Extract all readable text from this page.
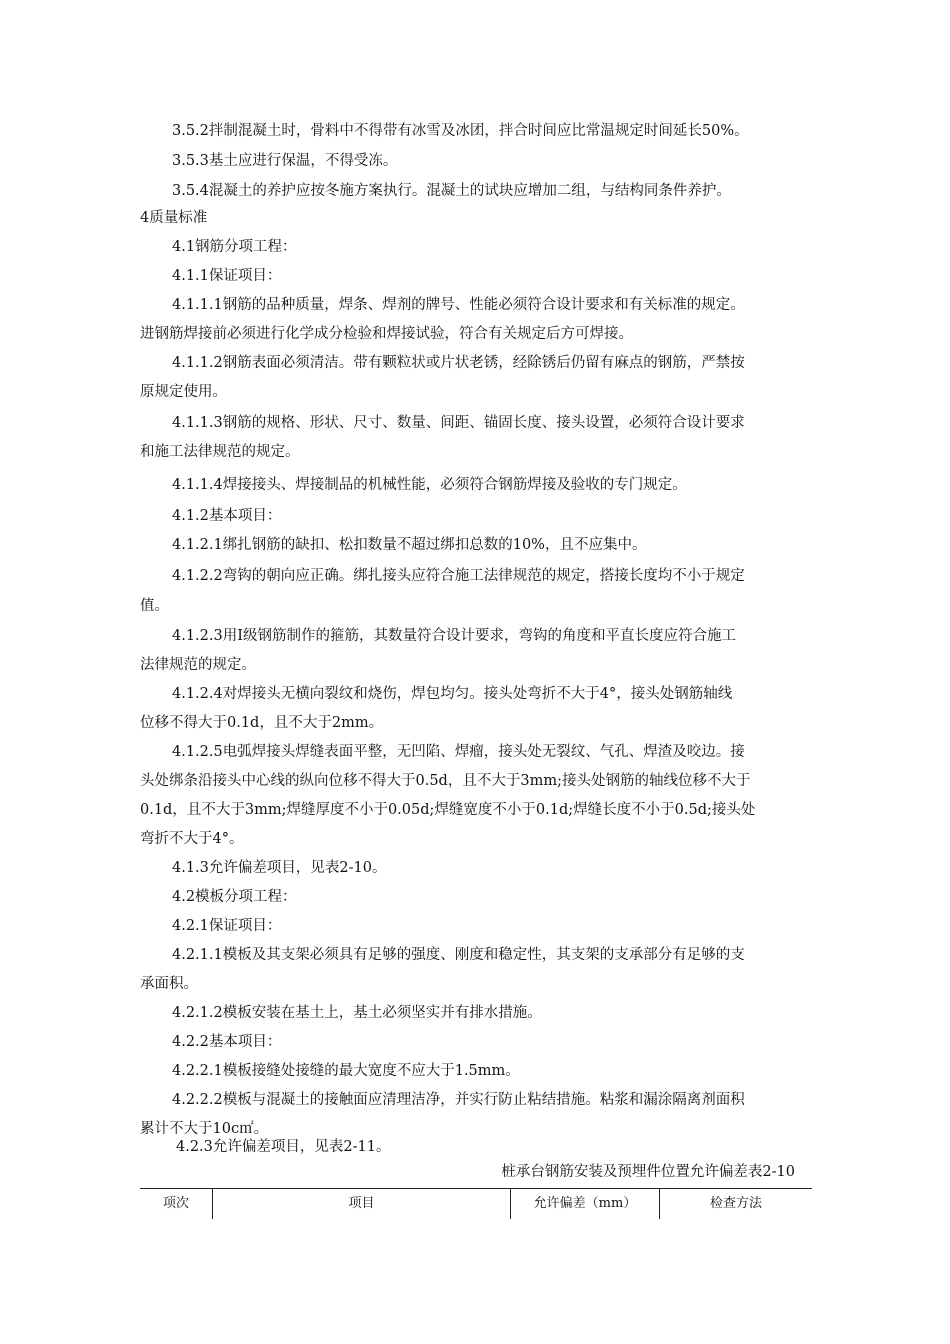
3.5.2拌制混凝土时，骨料中不得带有冰雪及冰团，拌合时间应比常温规定时间延长50%。
3.5.3基土应进行保温，不得受冻。
3.5.4混凝土的养护应按冬施方案执行。混凝土的试块应增加二组，与结构同条件养护。
4质量标准
4.1钢筋分项工程：
4.1.1保证项目：
4.1.1.1钢筋的品种质量，焊条、焊剂的牌号、性能必须符合设计要求和有关标准的规定。
进钢筋焊接前必须进行化学成分检验和焊接试验，符合有关规定后方可焊接。
4.1.1.2钢筋表面必须清洁。带有颗粒状或片状老锈，经除锈后仍留有麻点的钢筋，严禁按
原规定使用。
4.1.1.3钢筋的规格、形状、尺寸、数量、间距、锚固长度、接头设置，必须符合设计要求
和施工法律规范的规定。
4.1.1.4焊接接头、焊接制品的机械性能，必须符合钢筋焊接及验收的专门规定。
4.1.2基本项目：
4.1.2.1绑扎钢筋的缺扣、松扣数量不超过绑扣总数的10%，且不应集中。
4.1.2.2弯钩的朝向应正确。绑扎接头应符合施工法律规范的规定，搭接长度均不小于规定
值。
4.1.2.3用Ⅰ级钢筋制作的箍筋，其数量符合设计要求，弯钩的角度和平直长度应符合施工
法律规范的规定。
4.1.2.4对焊接头无横向裂纹和烧伤，焊包均匀。接头处弯折不大于4°，接头处钢筋轴线
位移不得大于0.1d，且不大于2mm。
4.1.2.5电弧焊接头焊缝表面平整，无凹陷、焊瘤，接头处无裂纹、气孔、焊渣及咬边。接
头处绑条沿接头中心线的纵向位移不得大于0.5d，且不大于3mm;接头处钢筋的轴线位移不大于
0.1d，且不大于3mm;焊缝厚度不小于0.05d;焊缝宽度不小于0.1d;焊缝长度不小于0.5d;接头处
弯折不大于4°。
4.1.3允许偏差项目，见表2-10。
4.2模板分项工程：
4.2.1保证项目：
4.2.1.1模板及其支架必须具有足够的强度、刚度和稳定性，其支架的支承部分有足够的支
承面积。
4.2.1.2模板安装在基土上，基土必须坚实并有排水措施。
4.2.2基本项目：
4.2.2.1模板接缝处接缝的最大宽度不应大于1.5mm。
4.2.2.2模板与混凝土的接触面应清理洁净，并实行防止粘结措施。粘浆和漏涂隔离剂面积
累计不大于10c㎡。
4.2.3允许偏差项目，见表2-11。
桩承台钢筋安装及预埋件位置允许偏差表2-10
项次	项目	允许偏差（mm）	检查方法
